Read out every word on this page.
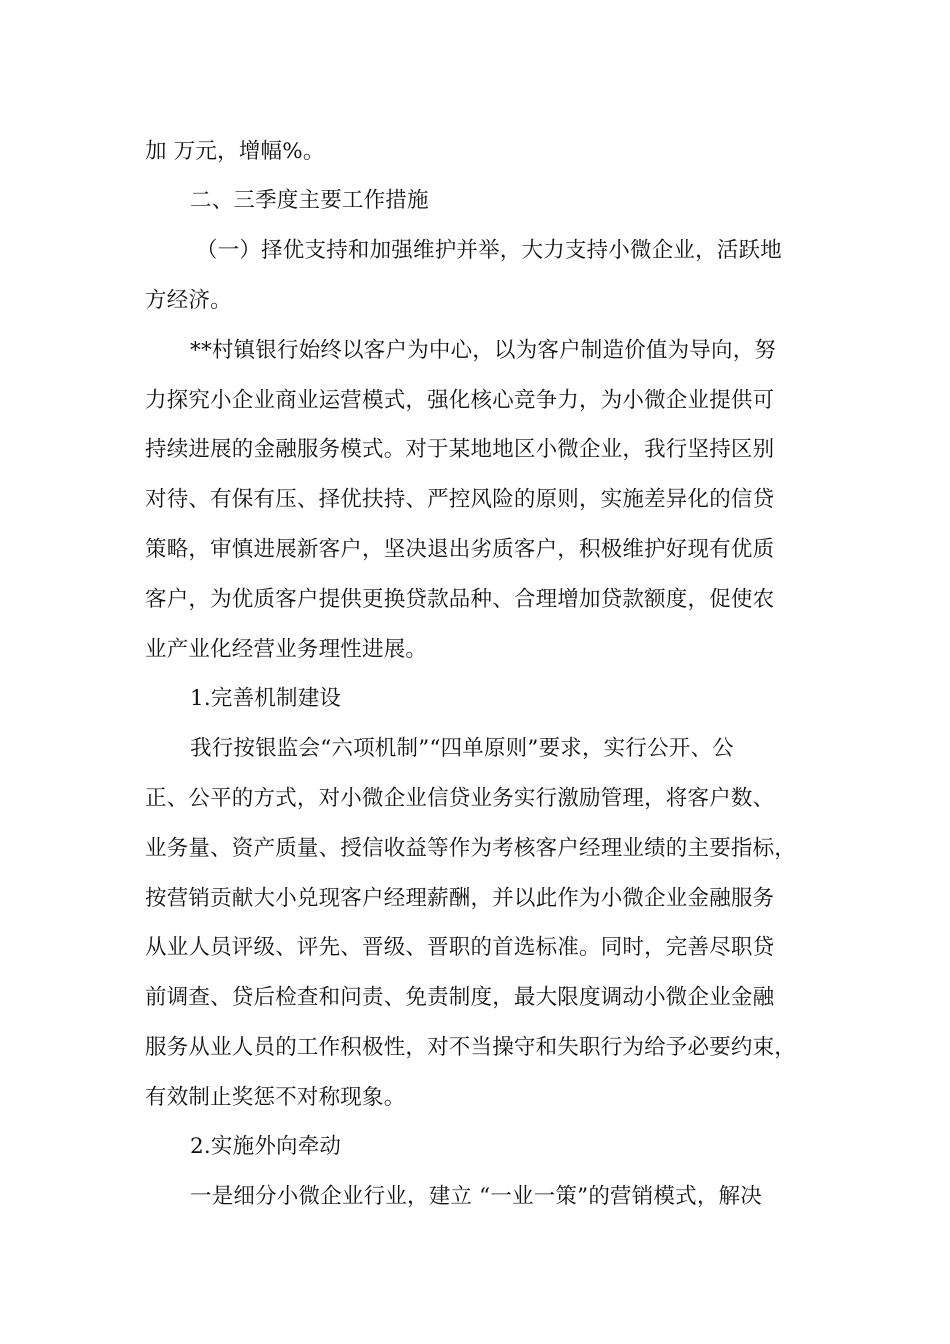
加 万元，增幅%。
二、三季度主要工作措施
（一）择优支持和加强维护并举，大力支持小微企业，活跃地
方经济。
**村镇银行始终以客户为中心，以为客户制造价值为导向，努
力探究小企业商业运营模式，强化核心竞争力，为小微企业提供可
持续进展的金融服务模式。对于某地地区小微企业，我行坚持区别
对待、有保有压、择优扶持、严控风险的原则，实施差异化的信贷
策略，审慎进展新客户，坚决退出劣质客户，积极维护好现有优质
客户，为优质客户提供更换贷款品种、合理增加贷款额度，促使农
业产业化经营业务理性进展。
1.完善机制建设
我行按银监会“六项机制”“四单原则”要求，实行公开、公
正、公平的方式，对小微企业信贷业务实行激励管理，将客户数、
业务量、资产质量、授信收益等作为考核客户经理业绩的主要指标，
按营销贡献大小兑现客户经理薪酬，并以此作为小微企业金融服务
从业人员评级、评先、晋级、晋职的首选标准。同时，完善尽职贷
前调查、贷后检查和问责、免责制度，最大限度调动小微企业金融
服务从业人员的工作积极性，对不当操守和失职行为给予必要约束，
有效制止奖惩不对称现象。
2.实施外向牵动
一是细分小微企业行业，建立 “一业一策”的营销模式，解决
